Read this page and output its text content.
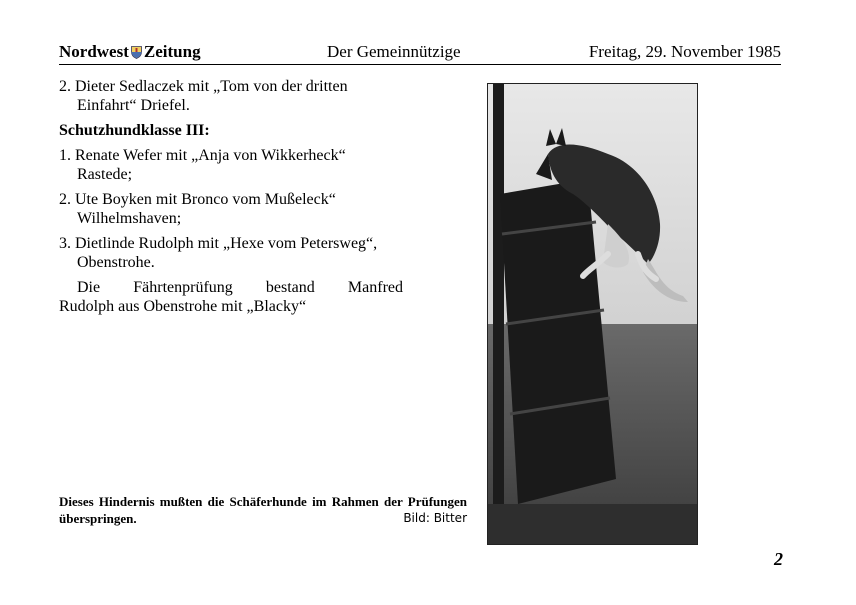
Nordwest Zeitung	Der Gemeinnützige	Freitag, 29. November 1985
2. Dieter Sedlaczek mit „Tom von der dritten Einfahrt“ Driefel.
Schutzhundklasse III:
1. Renate Wefer mit „Anja von Wikkerheck“ Rastede;
2. Ute Boyken mit Bronco vom Mußeleck“ Wilhelmshaven;
3. Dietlinde Rudolph mit „Hexe vom Petersweg“, Obenstrohe.

Die Fährtenprüfung bestand Manfred
Rudolph aus Obenstrohe mit „Blacky“

Dieses Hindernis mußten die Schäferhunde im Rahmen der Prüfungen überspringen.	Bild: Bitter
2
